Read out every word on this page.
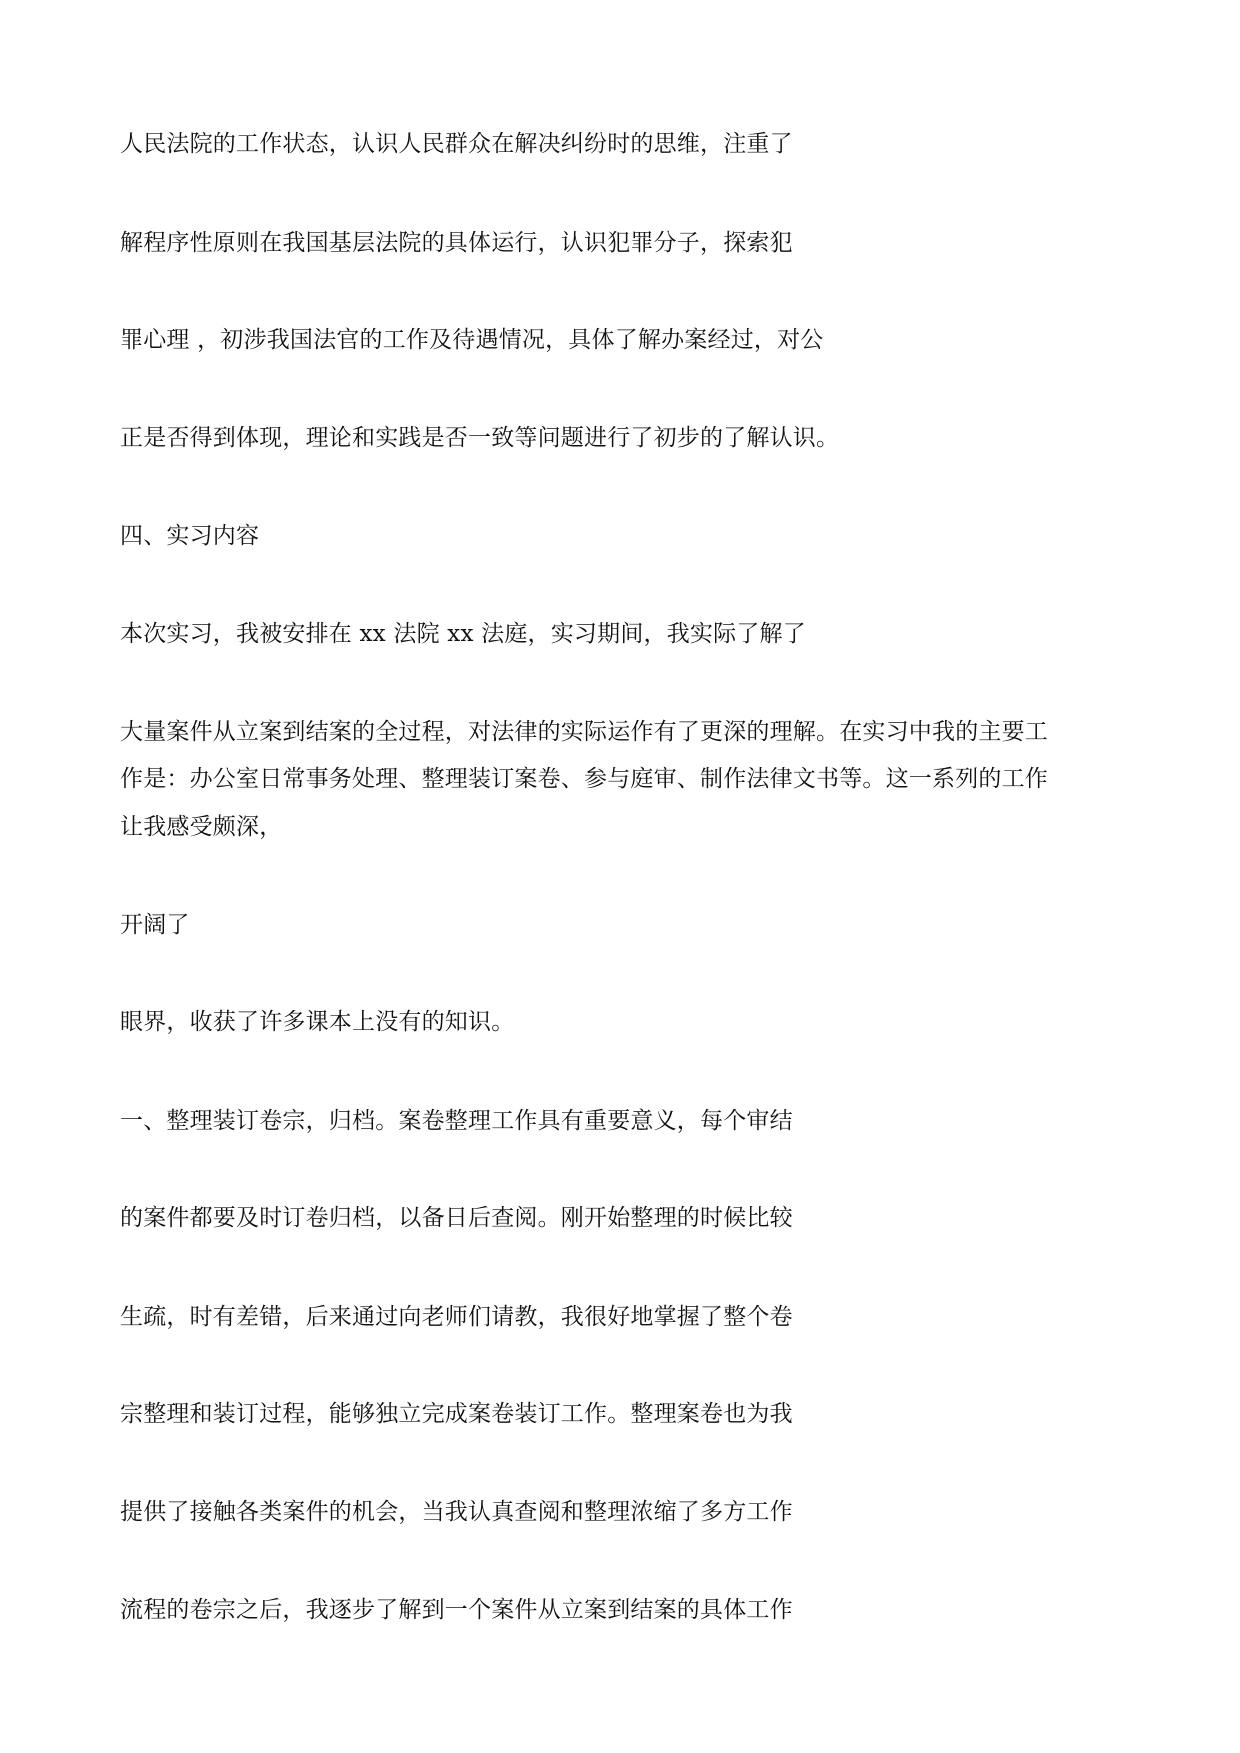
人民法院的工作状态，认识人民群众在解决纠纷时的思维，注重了

解程序性原则在我国基层法院的具体运行，认识犯罪分子，探索犯

罪心理 ，初涉我国法官的工作及待遇情况，具体了解办案经过，对公

正是否得到体现，理论和实践是否一致等问题进行了初步的了解认识。

四、实习内容

本次实习，我被安排在 xx 法院 xx 法庭，实习期间，我实际了解了

大量案件从立案到结案的全过程，对法律的实际运作有了更深的理解。在实习中我的主要工

作是：办公室日常事务处理、整理装订案卷、参与庭审、制作法律文书等。这一系列的工作

让我感受颇深，

开阔了

眼界，收获了许多课本上没有的知识。

一、整理装订卷宗，归档。案卷整理工作具有重要意义，每个审结

的案件都要及时订卷归档，以备日后查阅。刚开始整理的时候比较

生疏，时有差错，后来通过向老师们请教，我很好地掌握了整个卷

宗整理和装订过程，能够独立完成案卷装订工作。整理案卷也为我

提供了接触各类案件的机会，当我认真查阅和整理浓缩了多方工作

流程的卷宗之后，我逐步了解到一个案件从立案到结案的具体工作
